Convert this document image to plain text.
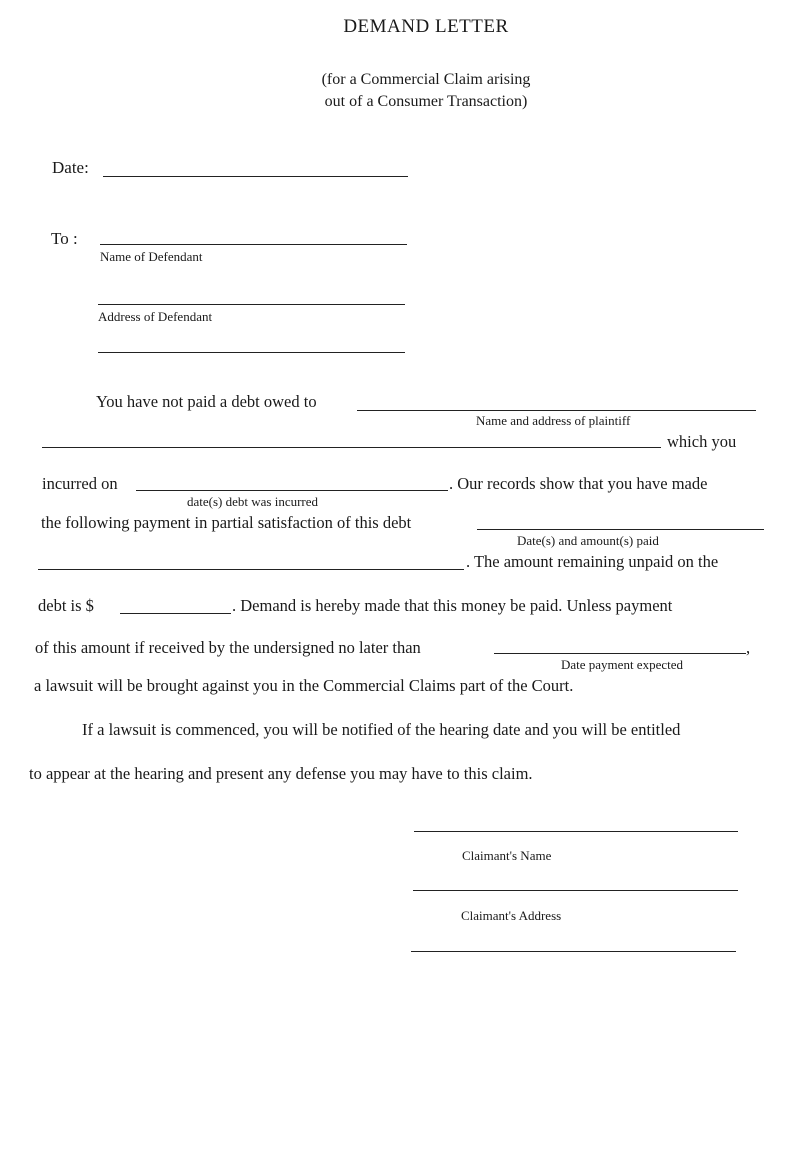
DEMAND LETTER
(for a Commercial Claim arising
out of a Consumer Transaction)
Date:
To :
Name of Defendant
Address of Defendant
You have not paid a debt owed to
Name and address of plaintiff
which you
incurred on
date(s) debt was incurred
. Our records show that you have made
the following payment in partial satisfaction of this debt
Date(s) and amount(s) paid
. The amount remaining unpaid on the
debt is $	. Demand is hereby made that this money be paid. Unless payment
of this amount if received by the undersigned no later than	,
Date payment expected
a lawsuit will be brought against you in the Commercial Claims part of the Court.
If a lawsuit is commenced, you will be notified of the hearing date and you will be entitled
to appear at the hearing and present any defense you may have to this claim.
Claimant's Name
Claimant's Address
